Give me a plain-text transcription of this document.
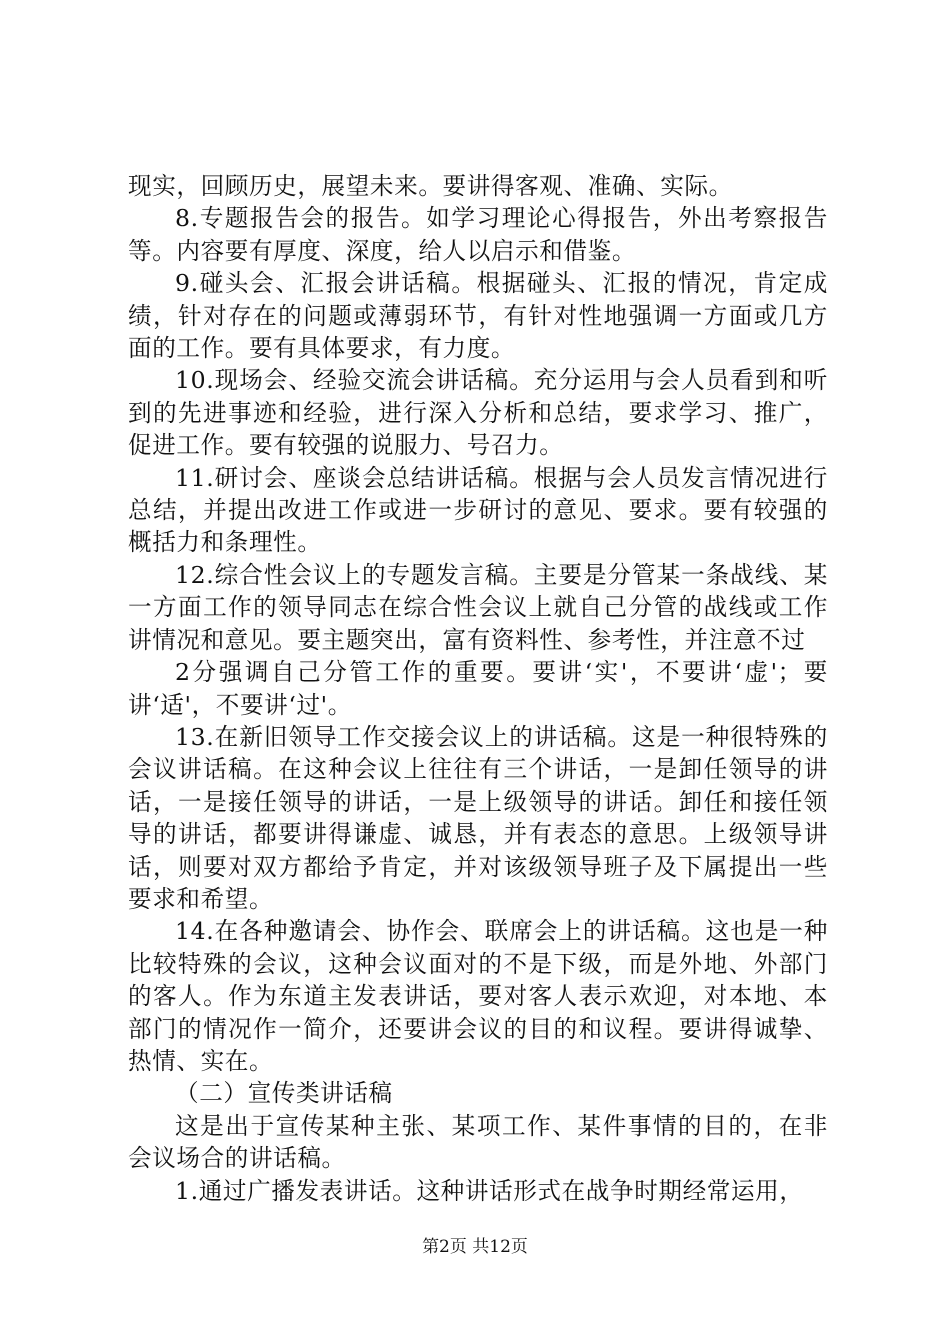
现实，回顾历史，展望未来。要讲得客观、准确、实际。

8.专题报告会的报告。如学习理论心得报告，外出考察报告等。内容要有厚度、深度，给人以启示和借鉴。

9.碰头会、汇报会讲话稿。根据碰头、汇报的情况，肯定成绩，针对存在的问题或薄弱环节，有针对性地强调一方面或几方面的工作。要有具体要求，有力度。

10.现场会、经验交流会讲话稿。充分运用与会人员看到和听到的先进事迹和经验，进行深入分析和总结，要求学习、推广，促进工作。要有较强的说服力、号召力。

11.研讨会、座谈会总结讲话稿。根据与会人员发言情况进行总结，并提出改进工作或进一步研讨的意见、要求。要有较强的概括力和条理性。

12.综合性会议上的专题发言稿。主要是分管某一条战线、某一方面工作的领导同志在综合性会议上就自己分管的战线或工作讲情况和意见。要主题突出，富有资料性、参考性，并注意不过

2分强调自己分管工作的重要。要讲‘实'，不要讲‘虚'；要讲‘适'，不要讲‘过'。

13.在新旧领导工作交接会议上的讲话稿。这是一种很特殊的会议讲话稿。在这种会议上往往有三个讲话，一是卸任领导的讲话，一是接任领导的讲话，一是上级领导的讲话。卸任和接任领导的讲话，都要讲得谦虚、诚恳，并有表态的意思。上级领导讲话，则要对双方都给予肯定，并对该级领导班子及下属提出一些要求和希望。

14.在各种邀请会、协作会、联席会上的讲话稿。这也是一种比较特殊的会议，这种会议面对的不是下级，而是外地、外部门的客人。作为东道主发表讲话，要对客人表示欢迎，对本地、本部门的情况作一简介，还要讲会议的目的和议程。要讲得诚挚、热情、实在。

（二）宣传类讲话稿

这是出于宣传某种主张、某项工作、某件事情的目的，在非会议场合的讲话稿。

1.通过广播发表讲话。这种讲话形式在战争时期经常运用，

第2页 共12页
